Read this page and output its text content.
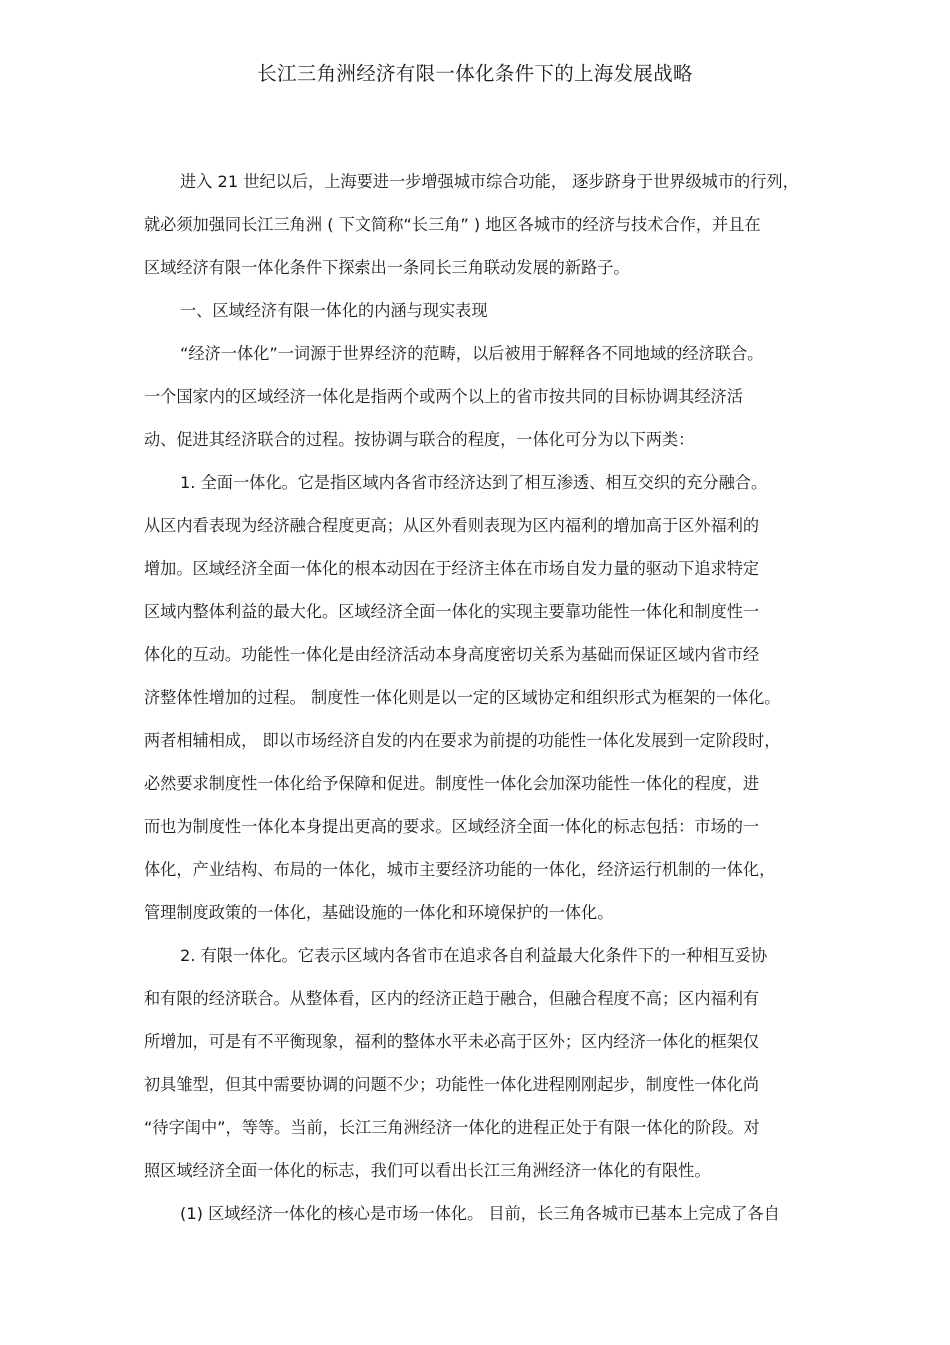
长江三角洲经济有限一体化条件下的上海发展战略

进入 21 世纪以后，上海要进一步增强城市综合功能， 逐步跻身于世界级城市的行列，

就必须加强同长江三角洲 ( 下文简称“长三角” ) 地区各城市的经济与技术合作，并且在

区域经济有限一体化条件下探索出一条同长三角联动发展的新路子。

一、区域经济有限一体化的内涵与现实表现

“经济一体化”一词源于世界经济的范畴，以后被用于解释各不同地域的经济联合。

一个国家内的区域经济一体化是指两个或两个以上的省市按共同的目标协调其经济活

动、促进其经济联合的过程。按协调与联合的程度，一体化可分为以下两类：

1. 全面一体化。它是指区域内各省市经济达到了相互渗透、相互交织的充分融合。

从区内看表现为经济融合程度更高；从区外看则表现为区内福利的增加高于区外福利的

增加。区域经济全面一体化的根本动因在于经济主体在市场自发力量的驱动下追求特定

区域内整体利益的最大化。区域经济全面一体化的实现主要靠功能性一体化和制度性一

体化的互动。功能性一体化是由经济活动本身高度密切关系为基础而保证区域内省市经

济整体性增加的过程。 制度性一体化则是以一定的区域协定和组织形式为框架的一体化。

两者相辅相成， 即以市场经济自发的内在要求为前提的功能性一体化发展到一定阶段时，

必然要求制度性一体化给予保障和促进。制度性一体化会加深功能性一体化的程度，进

而也为制度性一体化本身提出更高的要求。区域经济全面一体化的标志包括：市场的一

体化，产业结构、布局的一体化，城市主要经济功能的一体化，经济运行机制的一体化，

管理制度政策的一体化，基础设施的一体化和环境保护的一体化。

2. 有限一体化。它表示区域内各省市在追求各自利益最大化条件下的一种相互妥协

和有限的经济联合。从整体看，区内的经济正趋于融合，但融合程度不高；区内福利有

所增加，可是有不平衡现象，福利的整体水平未必高于区外；区内经济一体化的框架仅

初具雏型，但其中需要协调的问题不少；功能性一体化进程刚刚起步，制度性一体化尚

“待字闺中”，等等。当前，长江三角洲经济一体化的进程正处于有限一体化的阶段。对

照区域经济全面一体化的标志，我们可以看出长江三角洲经济一体化的有限性。

(1) 区域经济一体化的核心是市场一体化。 目前，长三角各城市已基本上完成了各自
